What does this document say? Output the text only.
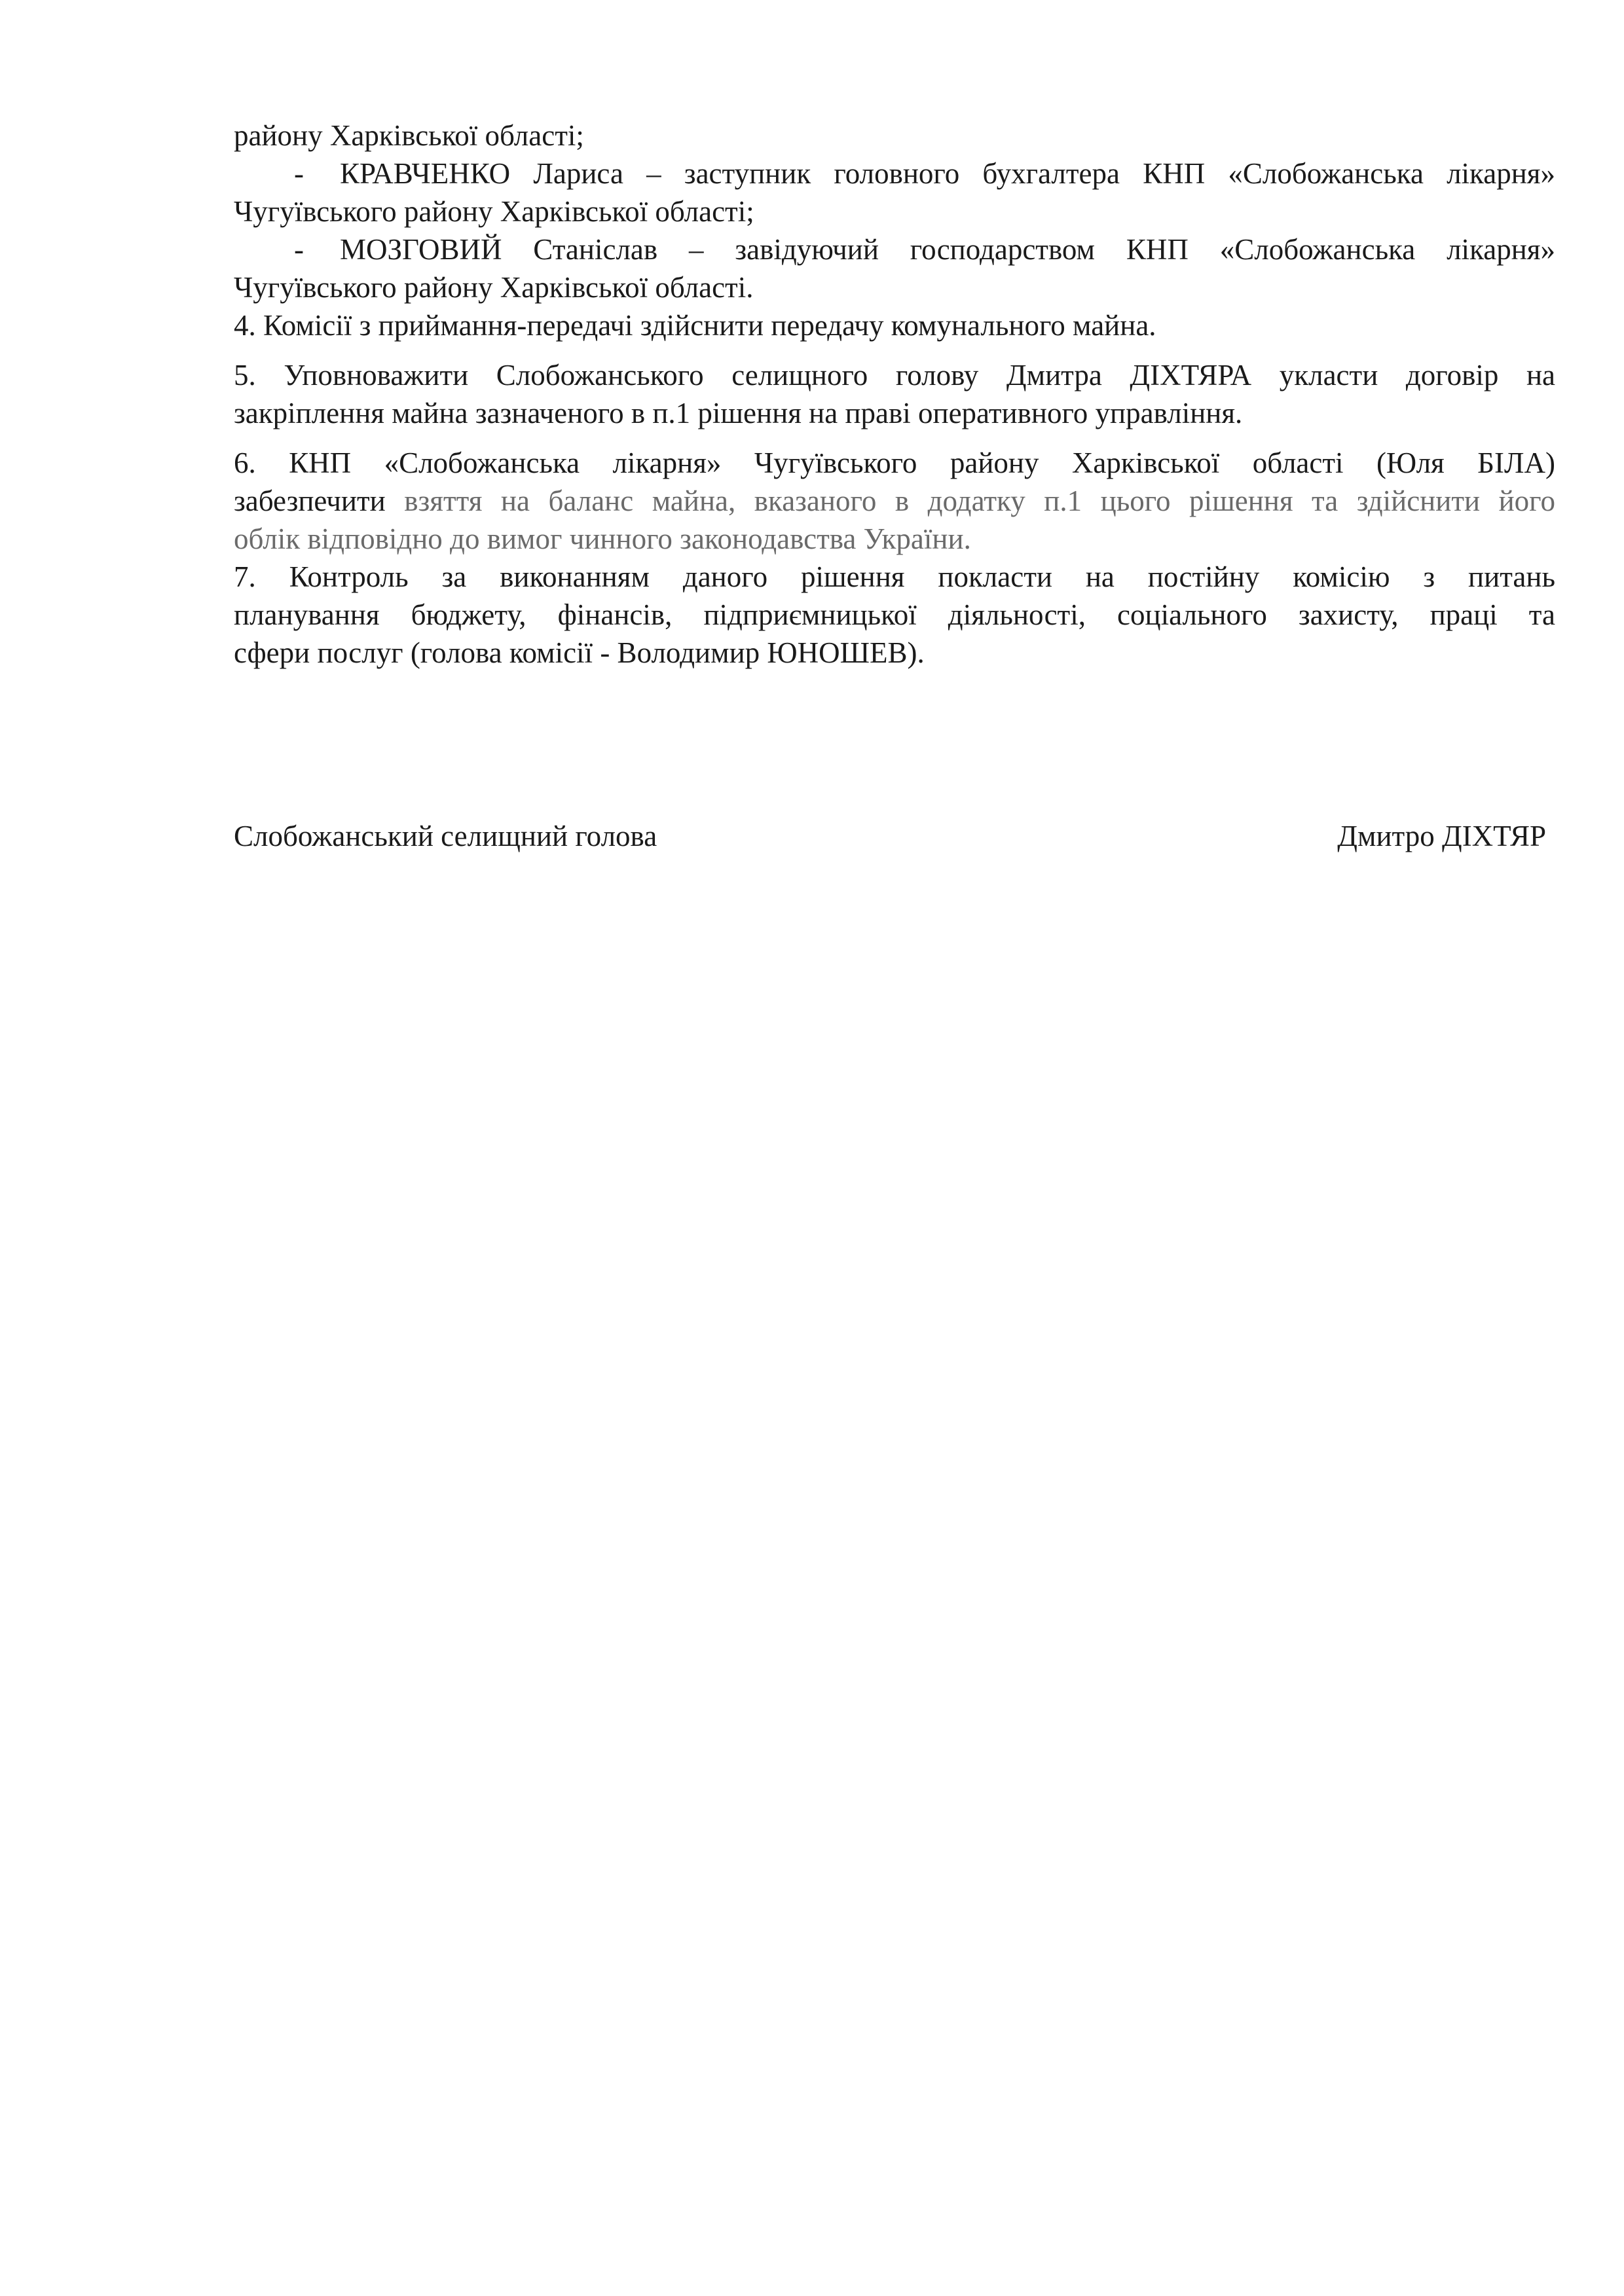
району Харківської області;
- КРАВЧЕНКО Лариса – заступник головного бухгалтера КНП «Слобожанська лікарня»
Чугуївського району Харківської області;
- МОЗГОВИЙ Станіслав – завідуючий господарством КНП «Слобожанська лікарня»
Чугуївського району Харківської області.
4. Комісії з приймання-передачі здійснити передачу комунального майна.
5. Уповноважити Слобожанського селищного голову Дмитра ДІХТЯРА укласти договір на
закріплення майна зазначеного в п.1 рішення на праві оперативного управління.
6. КНП «Слобожанська лікарня» Чугуївського району Харківської області (Юля БІЛА)
забезпечити взяття на баланс майна, вказаного в додатку п.1 цього рішення та здійснити його
облік відповідно до вимог чинного законодавства України.
7. Контроль за виконанням даного рішення покласти на постійну комісію з питань
планування бюджету, фінансів, підприємницької діяльності, соціального захисту, праці та
сфери послуг (голова комісії - Володимир ЮНОШЕВ).
Слобожанський селищний голова	Дмитро ДІХТЯР
